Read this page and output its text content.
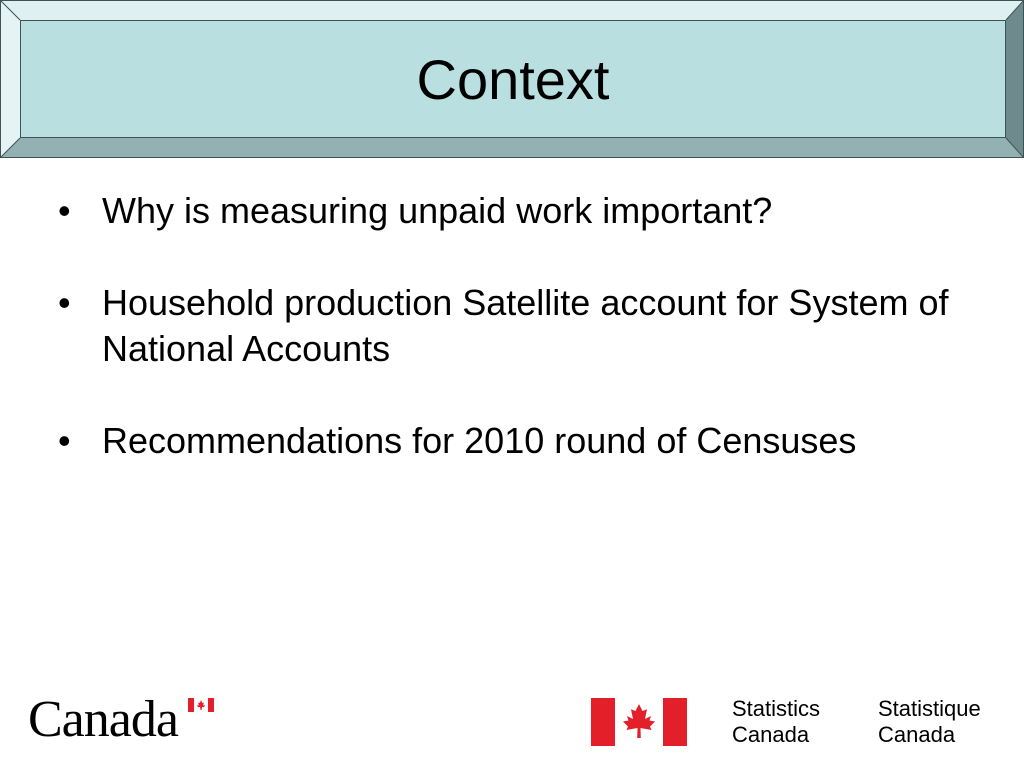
Context
• Why is measuring unpaid work important?
• Household production Satellite account for System of National Accounts
• Recommendations for 2010 round of Censuses
Canada	Statistics
Canada
Statistique
Canada
